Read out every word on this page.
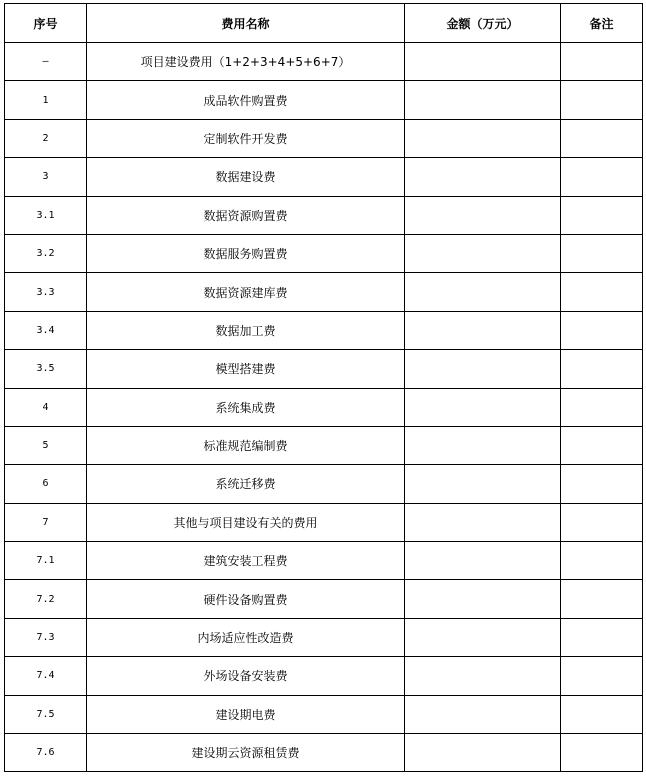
序号	费用名称	金额（万元）	备注
—	项目建设费用（1+2+3+4+5+6+7）		
1	成品软件购置费		
2	定制软件开发费		
3	数据建设费		
3.1	数据资源购置费		
3.2	数据服务购置费		
3.3	数据资源建库费		
3.4	数据加工费		
3.5	模型搭建费		
4	系统集成费		
5	标准规范编制费		
6	系统迁移费		
7	其他与项目建设有关的费用		
7.1	建筑安装工程费		
7.2	硬件设备购置费		
7.3	内场适应性改造费		
7.4	外场设备安装费		
7.5	建设期电费		
7.6	建设期云资源租赁费		
